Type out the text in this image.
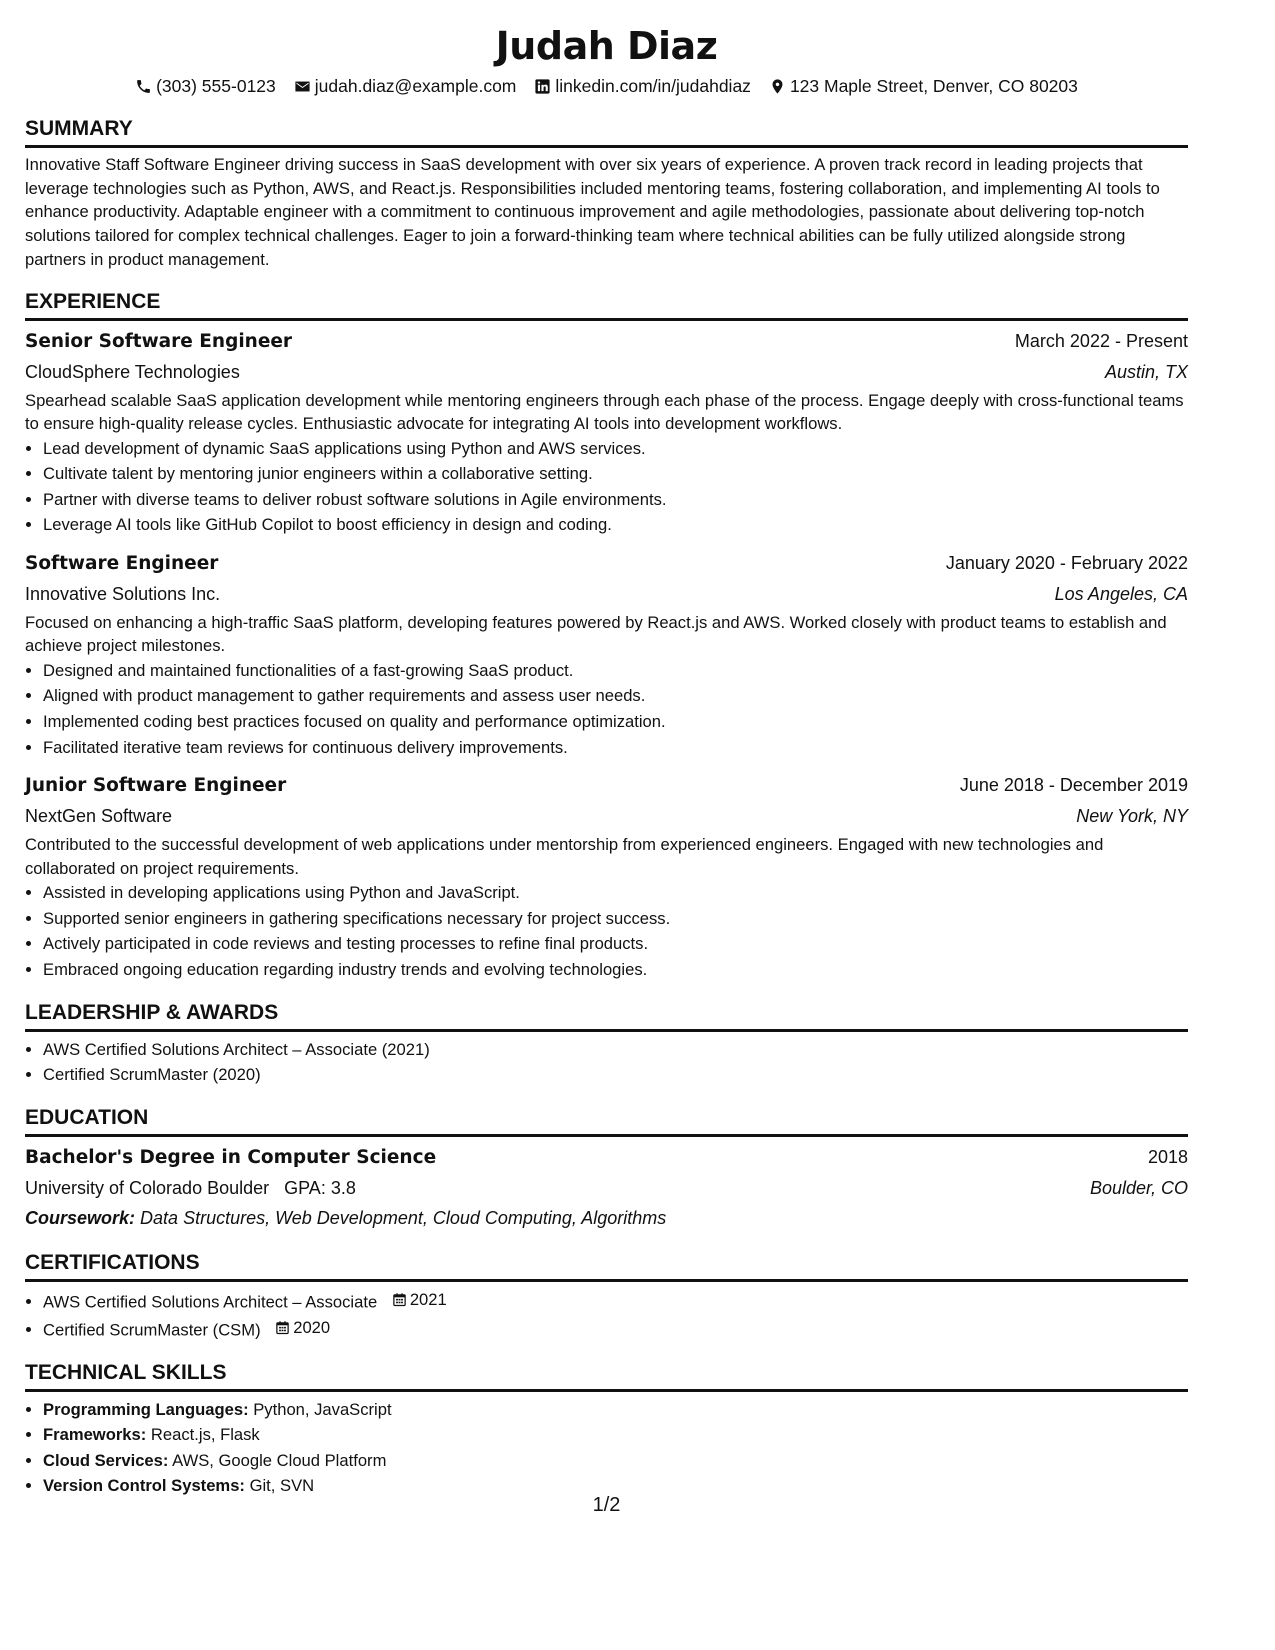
Judah Diaz
(303) 555-0123 judah.diaz@example.com linkedin.com/in/judahdiaz 123 Maple Street, Denver, CO 80203
SUMMARY
Innovative Staff Software Engineer driving success in SaaS development with over six years of experience. A proven track record in leading projects that leverage technologies such as Python, AWS, and React.js. Responsibilities included mentoring teams, fostering collaboration, and implementing AI tools to enhance productivity. Adaptable engineer with a commitment to continuous improvement and agile methodologies, passionate about delivering top-notch solutions tailored for complex technical challenges. Eager to join a forward-thinking team where technical abilities can be fully utilized alongside strong partners in product management.
EXPERIENCE
Senior Software Engineer	March 2022 - Present
CloudSphere Technologies	Austin, TX
Spearhead scalable SaaS application development while mentoring engineers through each phase of the process. Engage deeply with cross-functional teams to ensure high-quality release cycles. Enthusiastic advocate for integrating AI tools into development workflows.
• Lead development of dynamic SaaS applications using Python and AWS services.
• Cultivate talent by mentoring junior engineers within a collaborative setting.
• Partner with diverse teams to deliver robust software solutions in Agile environments.
• Leverage AI tools like GitHub Copilot to boost efficiency in design and coding.
Software Engineer	January 2020 - February 2022
Innovative Solutions Inc.	Los Angeles, CA
Focused on enhancing a high-traffic SaaS platform, developing features powered by React.js and AWS. Worked closely with product teams to establish and achieve project milestones.
• Designed and maintained functionalities of a fast-growing SaaS product.
• Aligned with product management to gather requirements and assess user needs.
• Implemented coding best practices focused on quality and performance optimization.
• Facilitated iterative team reviews for continuous delivery improvements.
Junior Software Engineer	June 2018 - December 2019
NextGen Software	New York, NY
Contributed to the successful development of web applications under mentorship from experienced engineers. Engaged with new technologies and collaborated on project requirements.
• Assisted in developing applications using Python and JavaScript.
• Supported senior engineers in gathering specifications necessary for project success.
• Actively participated in code reviews and testing processes to refine final products.
• Embraced ongoing education regarding industry trends and evolving technologies.
LEADERSHIP & AWARDS
• AWS Certified Solutions Architect – Associate (2021)
• Certified ScrumMaster (2020)
EDUCATION
Bachelor's Degree in Computer Science	2018
University of Colorado Boulder GPA: 3.8	Boulder, CO
Coursework: Data Structures, Web Development, Cloud Computing, Algorithms
CERTIFICATIONS
• AWS Certified Solutions Architect – Associate 2021
• Certified ScrumMaster (CSM) 2020
TECHNICAL SKILLS
• Programming Languages: Python, JavaScript
• Frameworks: React.js, Flask
• Cloud Services: AWS, Google Cloud Platform
• Version Control Systems: Git, SVN
1/2
